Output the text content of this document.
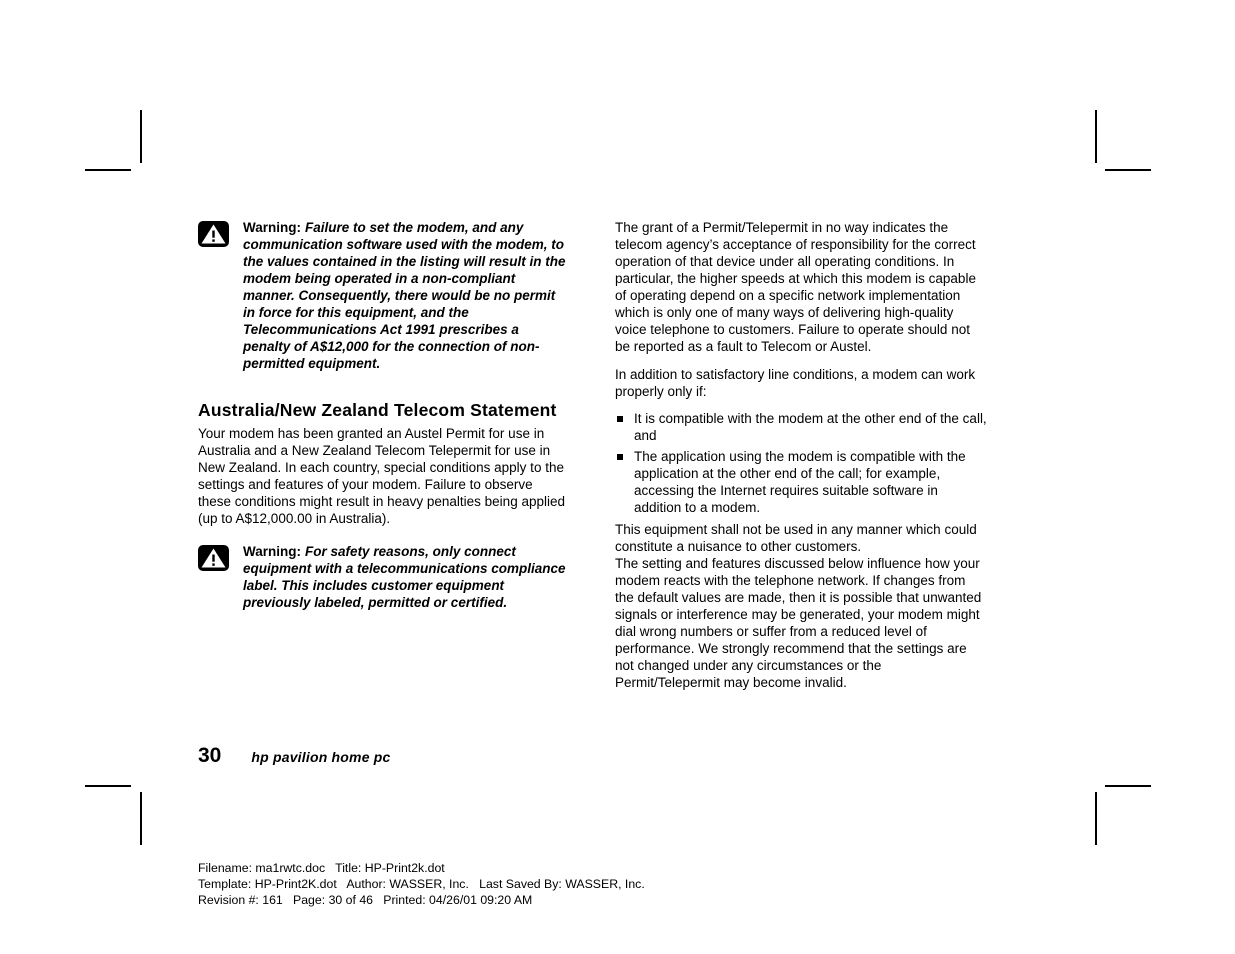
Warning: Failure to set the modem, and any communication software used with the modem, to the values contained in the listing will result in the modem being operated in a non-compliant manner. Consequently, there would be no permit in force for this equipment, and the Telecommunications Act 1991 prescribes a penalty of A$12,000 for the connection of non-permitted equipment.

Australia/New Zealand Telecom Statement

Your modem has been granted an Austel Permit for use in Australia and a New Zealand Telecom Telepermit for use in New Zealand. In each country, special conditions apply to the settings and features of your modem. Failure to observe these conditions might result in heavy penalties being applied (up to A$12,000.00 in Australia).

Warning: For safety reasons, only connect equipment with a telecommunications compliance label. This includes customer equipment previously labeled, permitted or certified.

The grant of a Permit/Telepermit in no way indicates the telecom agency’s acceptance of responsibility for the correct operation of that device under all operating conditions. In particular, the higher speeds at which this modem is capable of operating depend on a specific network implementation which is only one of many ways of delivering high-quality voice telephone to customers. Failure to operate should not be reported as a fault to Telecom or Austel.

In addition to satisfactory line conditions, a modem can work properly only if:

It is compatible with the modem at the other end of the call, and
The application using the modem is compatible with the application at the other end of the call; for example, accessing the Internet requires suitable software in addition to a modem.

This equipment shall not be used in any manner which could constitute a nuisance to other customers.

The setting and features discussed below influence how your modem reacts with the telephone network. If changes from the default values are made, then it is possible that unwanted signals or interference may be generated, your modem might dial wrong numbers or suffer from a reduced level of performance. We strongly recommend that the settings are not changed under any circumstances or the Permit/Telepermit may become invalid.

30 hp pavilion home pc
Filename: ma1rwtc.doc   Title: HP-Print2k.dot
Template: HP-Print2K.dot   Author: WASSER, Inc.   Last Saved By: WASSER, Inc.
Revision #: 161   Page: 30 of 46   Printed: 04/26/01 09:20 AM
